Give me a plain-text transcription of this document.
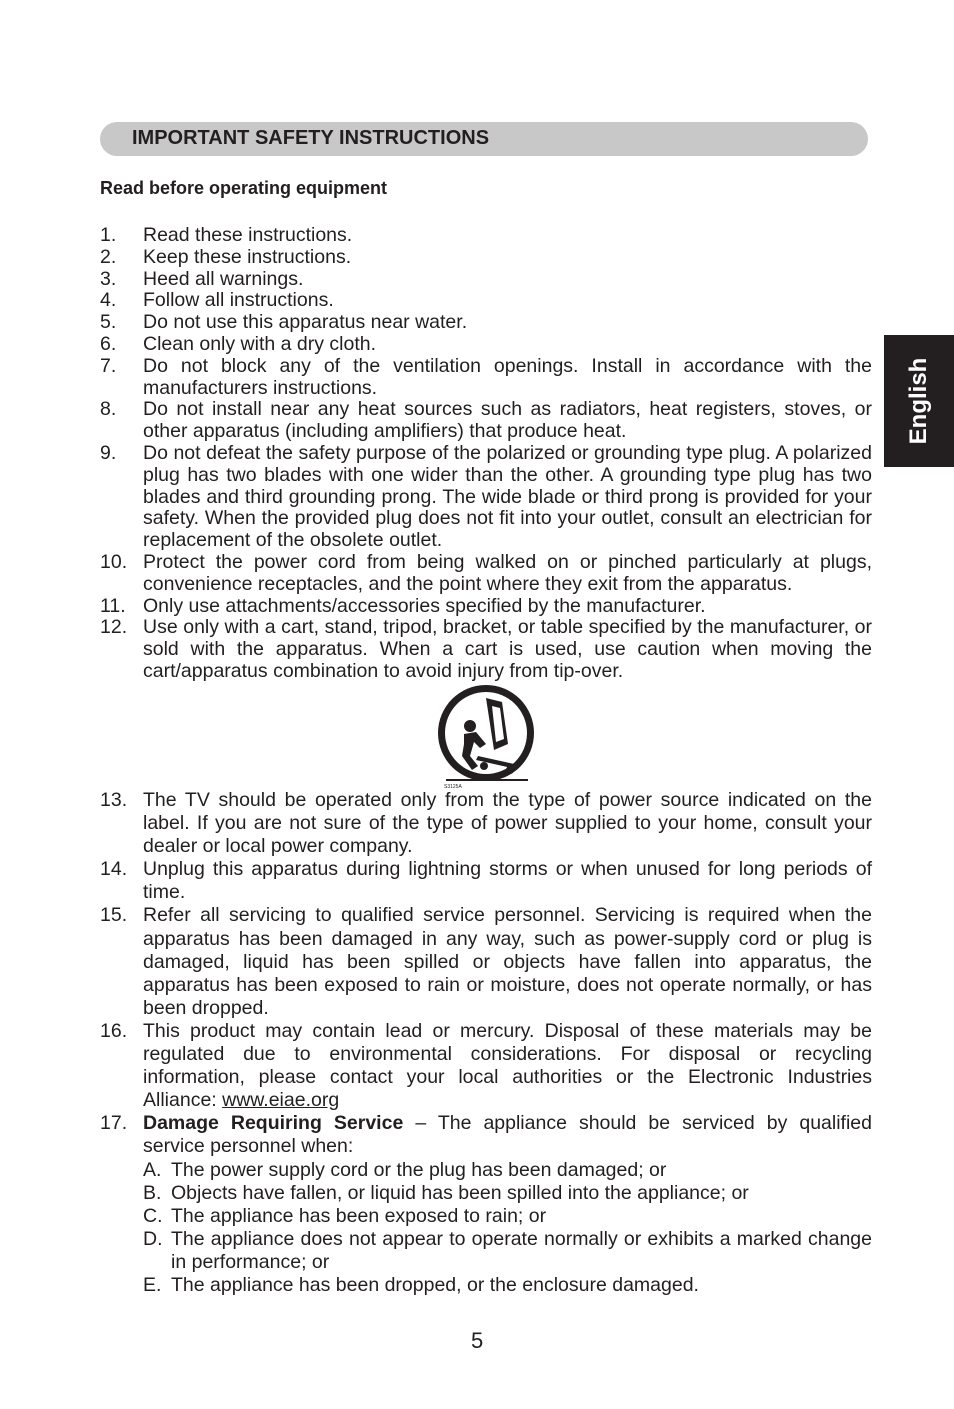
IMPORTANT SAFETY INSTRUCTIONS
English
Read before operating equipment
1. Read these instructions.
2. Keep these instructions.
3. Heed all warnings.
4. Follow all instructions.
5. Do not use this apparatus near water.
6. Clean only with a dry cloth.
7. Do not block any of the ventilation openings. Install in accordance with the manufacturers instructions.
8. Do not install near any heat sources such as radiators, heat registers, stoves, or other apparatus (including amplifiers) that produce heat.
9. Do not defeat the safety purpose of the polarized or grounding type plug. A polarized plug has two blades with one wider than the other. A grounding type plug has two blades and third grounding prong. The wide blade or third prong is provided for your safety. When the provided plug does not fit into your outlet, consult an electrician for replacement of the obsolete outlet.
10. Protect the power cord from being walked on or pinched particularly at plugs, convenience receptacles, and the point where they exit from the apparatus.
11. Only use attachments/accessories specified by the manufacturer.
12. Use only with a cart, stand, tripod, bracket, or table specified by the manufacturer, or sold with the apparatus. When a cart is used, use caution when moving the cart/apparatus combination to avoid injury from tip-over.
S3125A
13. The TV should be operated only from the type of power source indicated on the label. If you are not sure of the type of power supplied to your home, consult your dealer or local power company.
14. Unplug this apparatus during lightning storms or when unused for long periods of time.
15. Refer all servicing to qualified service personnel. Servicing is required when the apparatus has been damaged in any way, such as power-supply cord or plug is damaged, liquid has been spilled or objects have fallen into apparatus, the apparatus has been exposed to rain or moisture, does not operate normally, or has been dropped.
16. This product may contain lead or mercury. Disposal of these materials may be regulated due to environmental considerations. For disposal or recycling information, please contact your local authorities or the Electronic Industries Alliance: www.eiae.org
17. Damage Requiring Service – The appliance should be serviced by qualified service personnel when:
A. The power supply cord or the plug has been damaged; or
B. Objects have fallen, or liquid has been spilled into the appliance; or
C. The appliance has been exposed to rain; or
D. The appliance does not appear to operate normally or exhibits a marked change in performance; or
E. The appliance has been dropped, or the enclosure damaged.
5
